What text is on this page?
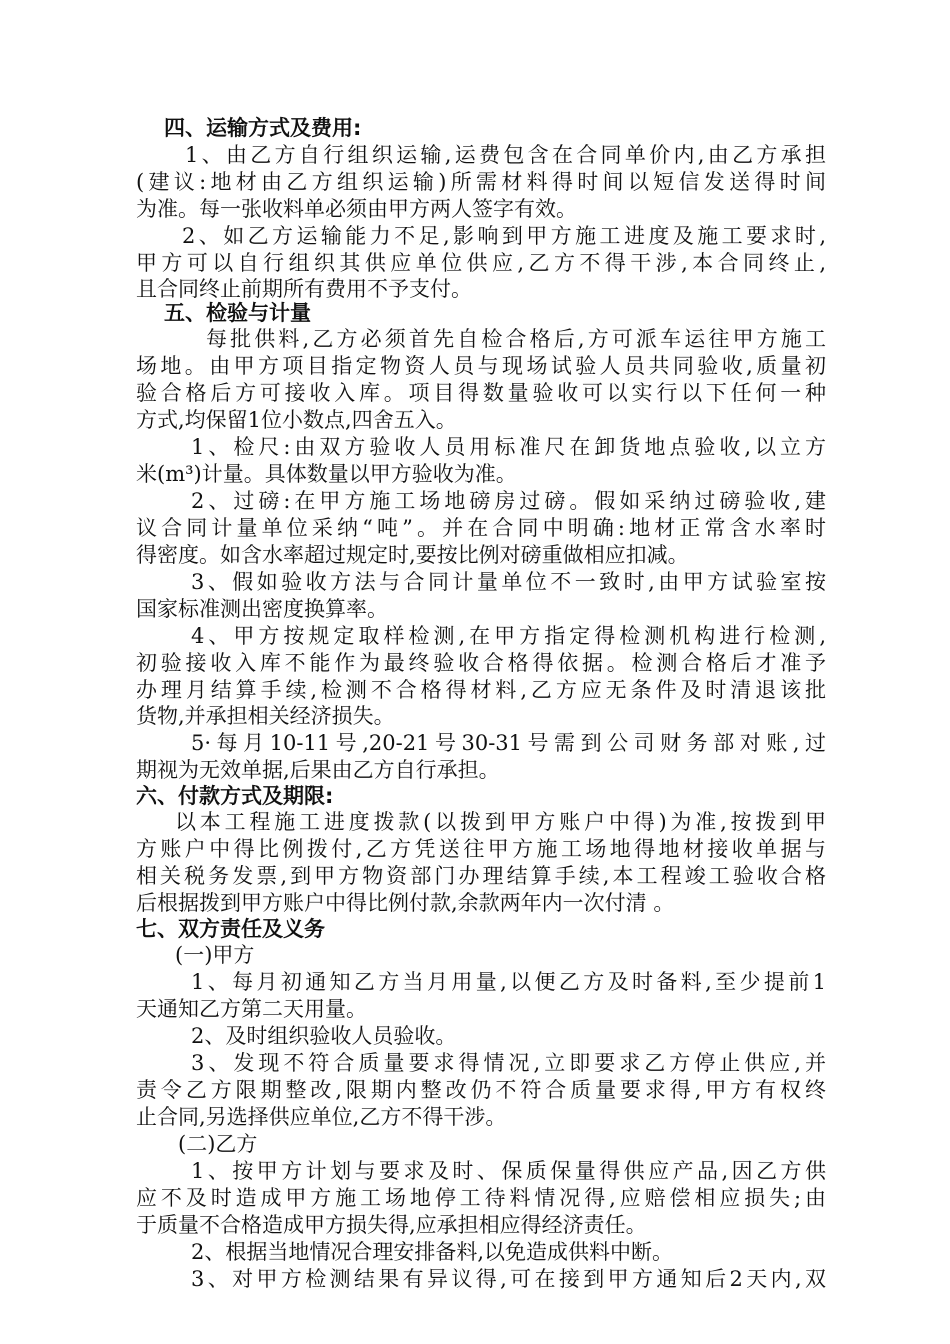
四、运输方式及费用:
1、由乙方自行组织运输,运费包含在合同单价内,由乙方承担
(建议:地材由乙方组织运输)所需材料得时间以短信发送得时间
为准。每一张收料单必须由甲方两人签字有效。
2、如乙方运输能力不足,影响到甲方施工进度及施工要求时,
甲方可以自行组织其供应单位供应,乙方不得干涉,本合同终止,
且合同终止前期所有费用不予支付。
五、检验与计量
每批供料,乙方必须首先自检合格后,方可派车运往甲方施工
场地。由甲方项目指定物资人员与现场试验人员共同验收,质量初
验合格后方可接收入库。项目得数量验收可以实行以下任何一种
方式,均保留1位小数点,四舍五入。
1、检尺:由双方验收人员用标准尺在卸货地点验收,以立方
米(m³)计量。具体数量以甲方验收为准。
2、过磅:在甲方施工场地磅房过磅。假如采纳过磅验收,建
议合同计量单位采纳“吨”。并在合同中明确:地材正常含水率时
得密度。如含水率超过规定时,要按比例对磅重做相应扣减。
3、假如验收方法与合同计量单位不一致时,由甲方试验室按
国家标准测出密度换算率。
4、甲方按规定取样检测,在甲方指定得检测机构进行检测,
初验接收入库不能作为最终验收合格得依据。检测合格后才准予
办理月结算手续,检测不合格得材料,乙方应无条件及时清退该批
货物,并承担相关经济损失。
5·每月10-11号,20-21号30-31号需到公司财务部对账,过
期视为无效单据,后果由乙方自行承担。
六、付款方式及期限:
以本工程施工进度拨款(以拨到甲方账户中得)为准,按拨到甲
方账户中得比例拨付,乙方凭送往甲方施工场地得地材接收单据与
相关税务发票,到甲方物资部门办理结算手续,本工程竣工验收合格
后根据拨到甲方账户中得比例付款,余款两年内一次付清 。
七、双方责任及义务
(一)甲方
1、每月初通知乙方当月用量,以便乙方及时备料,至少提前1
天通知乙方第二天用量。
2、及时组织验收人员验收。
3、发现不符合质量要求得情况,立即要求乙方停止供应,并
责令乙方限期整改,限期内整改仍不符合质量要求得,甲方有权终
止合同,另选择供应单位,乙方不得干涉。
(二)乙方
1、按甲方计划与要求及时、保质保量得供应产品,因乙方供
应不及时造成甲方施工场地停工待料情况得,应赔偿相应损失;由
于质量不合格造成甲方损失得,应承担相应得经济责任。
2、根据当地情况合理安排备料,以免造成供料中断。
3、对甲方检测结果有异议得,可在接到甲方通知后2天内,双
